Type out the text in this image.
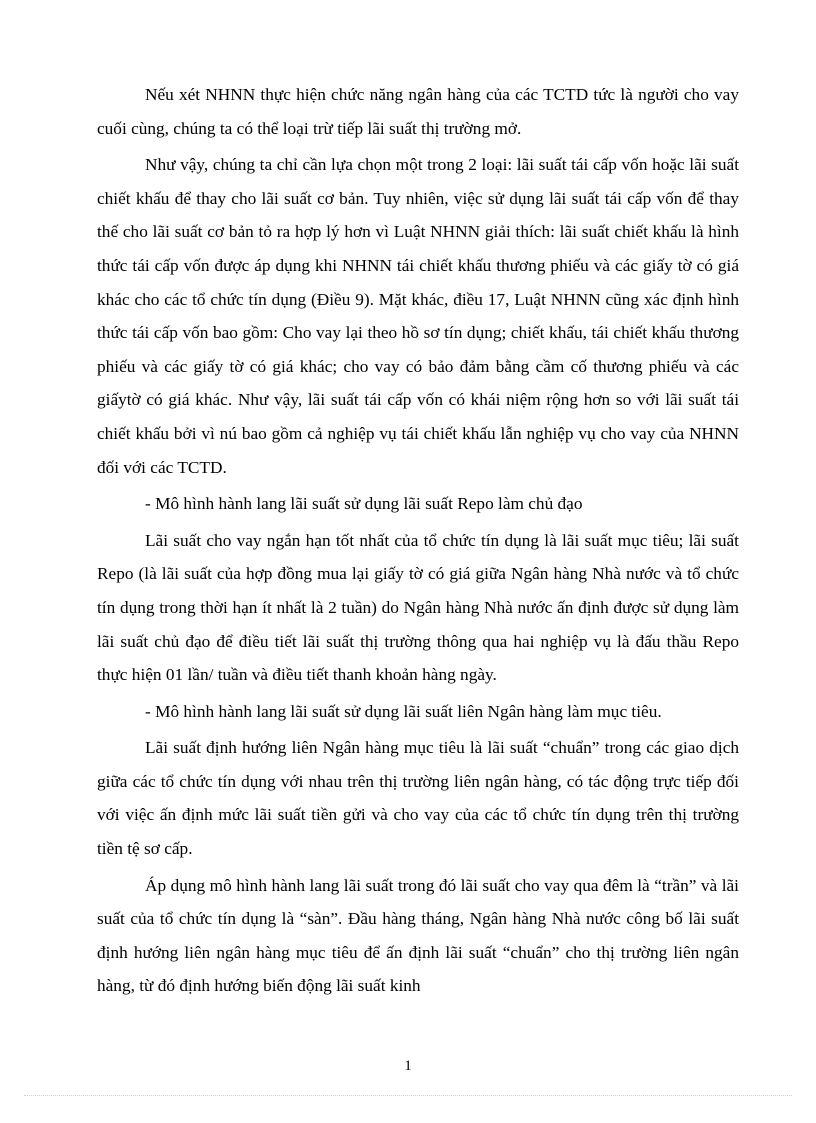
Nếu xét NHNN thực hiện chức năng ngân hàng của các TCTD tức là người cho vay cuối cùng, chúng ta có thể loại trừ tiếp lãi suất thị trường mở.

Như vậy, chúng ta chỉ cần lựa chọn một trong 2 loại: lãi suất tái cấp vốn hoặc lãi suất chiết khấu để thay cho lãi suất cơ bản. Tuy nhiên, việc sử dụng lãi suất tái cấp vốn để thay thế cho lãi suất cơ bản tỏ ra hợp lý hơn vì Luật NHNN giải thích: lãi suất chiết khấu là hình thức tái cấp vốn được áp dụng khi NHNN tái chiết khấu thương phiếu và các giấy tờ có giá khác cho các tổ chức tín dụng (Điều 9). Mặt khác, điều 17, Luật NHNN cũng xác định hình thức tái cấp vốn bao gồm: Cho vay lại theo hồ sơ tín dụng; chiết khấu, tái chiết khấu thương phiếu và các giấy tờ có giá khác; cho vay có bảo đảm bằng cầm cố thương phiếu và các giấytờ có giá khác. Như vậy, lãi suất tái cấp vốn có khái niệm rộng hơn so với lãi suất tái chiết khấu bởi vì nú bao gồm cả nghiệp vụ tái chiết khấu lẫn nghiệp vụ cho vay của NHNN đối với các TCTD.

- Mô hình hành lang lãi suất sử dụng lãi suất Repo làm chủ đạo

Lãi suất cho vay ngắn hạn tốt nhất của tổ chức tín dụng là lãi suất mục tiêu; lãi suất Repo (là lãi suất của hợp đồng mua lại giấy tờ có giá giữa Ngân hàng Nhà nước và tổ chức tín dụng trong thời hạn ít nhất là 2 tuần) do Ngân hàng Nhà nước ấn định được sử dụng làm lãi suất chủ đạo để điều tiết lãi suất thị trường thông qua hai nghiệp vụ là đấu thầu Repo thực hiện 01 lần/ tuần và điều tiết thanh khoản hàng ngày.

- Mô hình hành lang lãi suất sử dụng lãi suất liên Ngân hàng làm mục tiêu.

Lãi suất định hướng liên Ngân hàng mục tiêu là lãi suất “chuẩn” trong các giao dịch giữa các tổ chức tín dụng với nhau trên thị trường liên ngân hàng, có tác động trực tiếp đối với việc ấn định mức lãi suất tiền gửi và cho vay của các tổ chức tín dụng trên thị trường tiền tệ sơ cấp.

Áp dụng mô hình hành lang lãi suất trong đó lãi suất cho vay qua đêm là “trần” và lãi suất của tổ chức tín dụng là “sàn”. Đầu hàng tháng, Ngân hàng Nhà nước công bố lãi suất định hướng liên ngân hàng mục tiêu để ấn định lãi suất “chuẩn” cho thị trường liên ngân hàng, từ đó định hướng biến động lãi suất kinh

1
